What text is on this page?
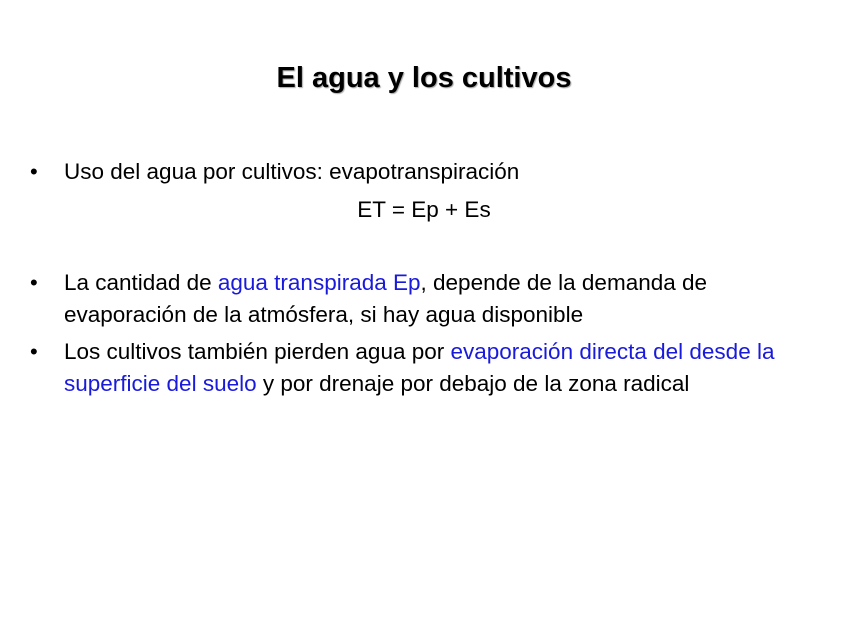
El agua y los cultivos
• Uso del agua por cultivos: evapotranspiración
ET = Ep + Es
• La cantidad de agua transpirada Ep, depende de la demanda de evaporación de la atmósfera, si hay agua disponible
• Los cultivos también pierden agua por evaporación directa del desde la superficie del suelo y por drenaje por debajo de la zona radical
